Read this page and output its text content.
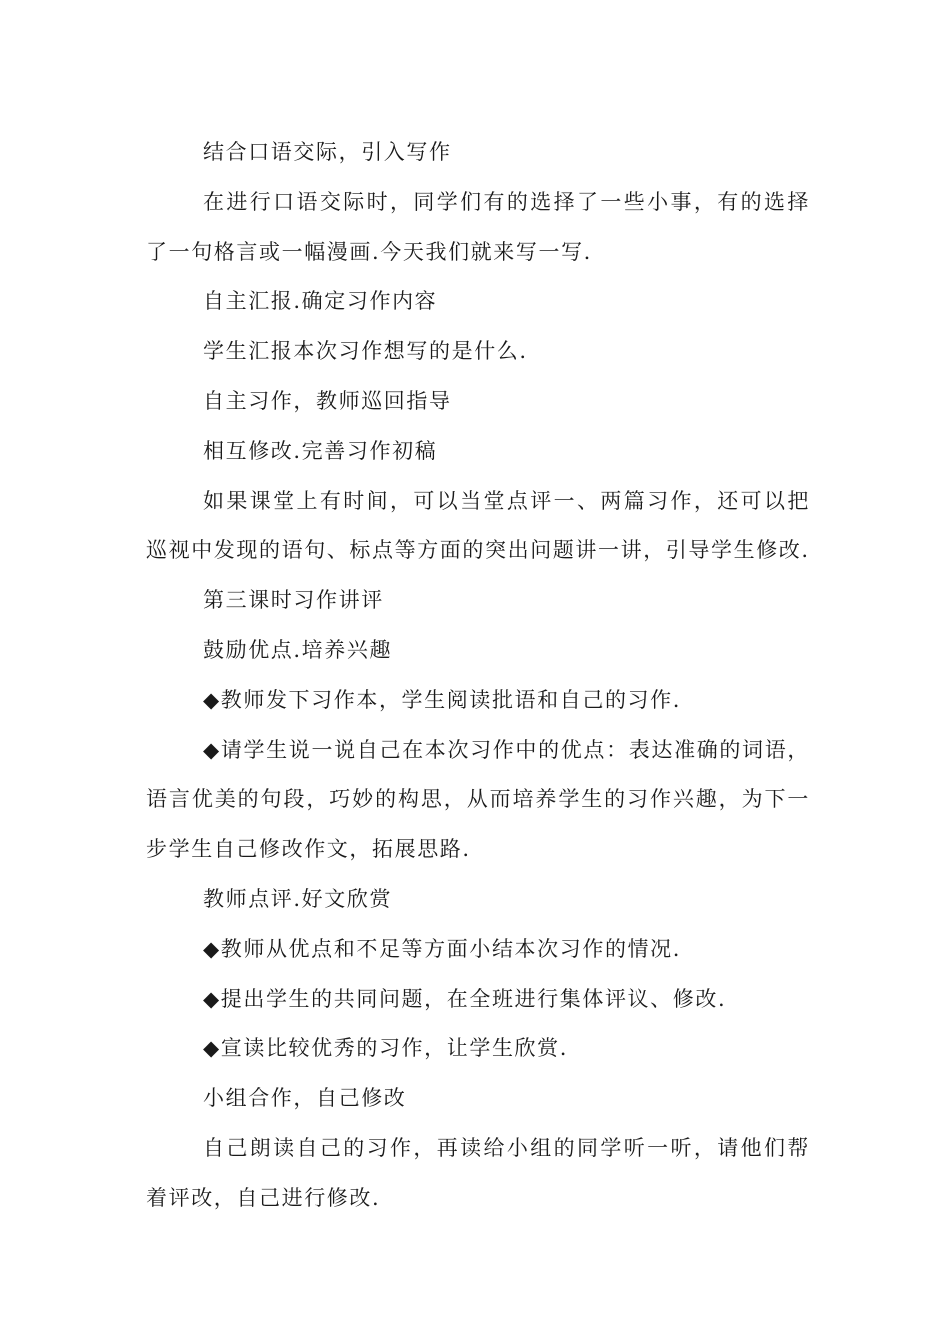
结合口语交际，引入写作

在进行口语交际时，同学们有的选择了一些小事，有的选择了一句格言或一幅漫画.今天我们就来写一写.

自主汇报.确定习作内容

学生汇报本次习作想写的是什么.

自主习作，教师巡回指导

相互修改.完善习作初稿

如果课堂上有时间，可以当堂点评一、两篇习作，还可以把巡视中发现的语句、标点等方面的突出问题讲一讲，引导学生修改.

第三课时习作讲评

鼓励优点.培养兴趣

◆教师发下习作本，学生阅读批语和自己的习作.

◆请学生说一说自己在本次习作中的优点：表达准确的词语，语言优美的句段，巧妙的构思，从而培养学生的习作兴趣，为下一步学生自己修改作文，拓展思路.

教师点评.好文欣赏

◆教师从优点和不足等方面小结本次习作的情况.

◆提出学生的共同问题，在全班进行集体评议、修改.

◆宣读比较优秀的习作，让学生欣赏.

小组合作，自己修改

自己朗读自己的习作，再读给小组的同学听一听，请他们帮着评改，自己进行修改.
